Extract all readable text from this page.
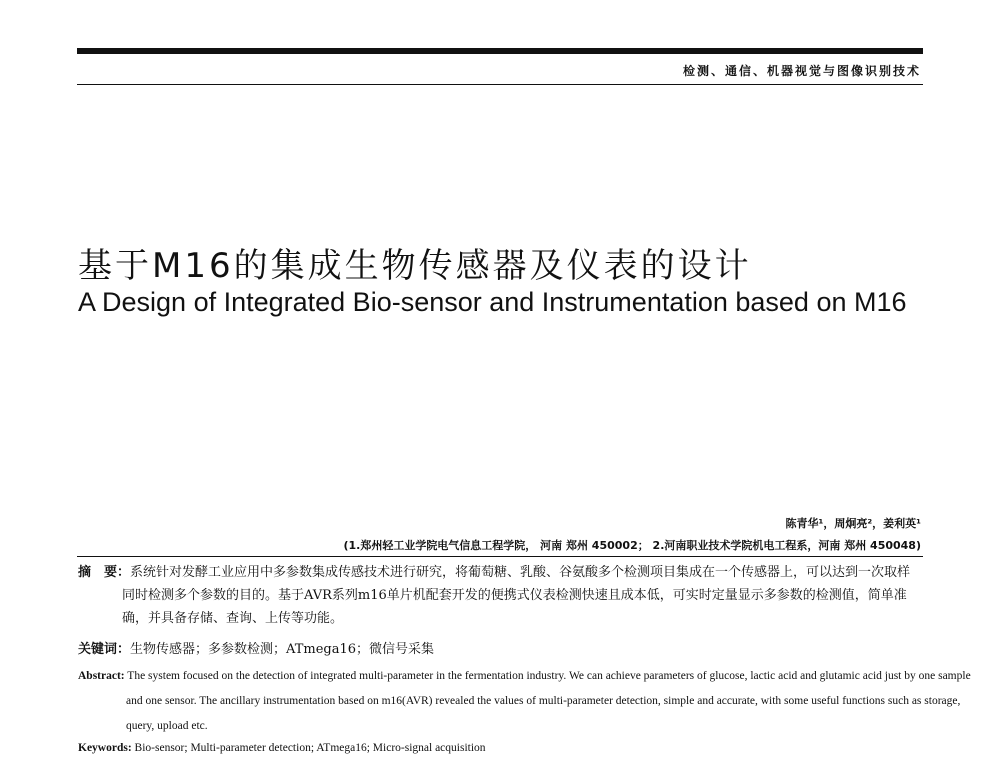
检测、通信、机器视觉与图像识别技术
基于M16的集成生物传感器及仪表的设计
A Design of Integrated Bio-sensor and Instrumentation based on M16
陈青华¹，周炯亮²，姜利英¹
(1.郑州轻工业学院电气信息工程学院， 河南 郑州 450002； 2.河南职业技术学院机电工程系，河南 郑州 450048)
摘　要：系统针对发酵工业应用中多参数集成传感技术进行研究，将葡萄糖、乳酸、谷氨酸多个检测项目集成在一个传感器上，可以达到一次取样同时检测多个参数的目的。基于AVR系列m16单片机配套开发的便携式仪表检测快速且成本低，可实时定量显示多参数的检测值，简单准确，并具备存储、查询、上传等功能。
关键词：生物传感器；多参数检测；ATmega16；微信号采集
Abstract: The system focused on the detection of integrated multi-parameter in the fermentation industry. We can achieve parameters of glucose, lactic acid and glutamic acid just by one sample and one sensor. The ancillary instrumentation based on m16(AVR) revealed the values of multi-parameter detection, simple and accurate, with some useful functions such as storage, query, upload etc.
Keywords: Bio-sensor; Multi-parameter detection; ATmega16; Micro-signal acquisition
